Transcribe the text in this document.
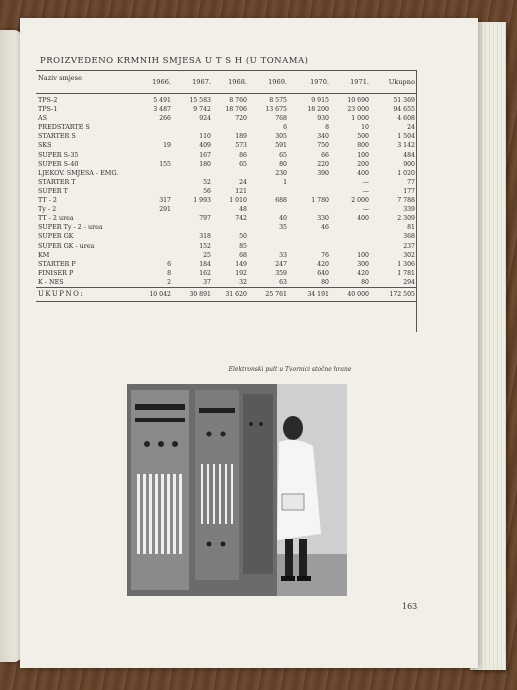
PROIZVEDENO KRMNIH SMJESA U T S H (U TONAMA)
Naziv smjese	1966.	1967.	1968.	1969.	1970.	1971.	Ukupno
TPS-2	5 491	15 583	8 760	8 575	9 915	10 690	51 369
TPS-1	3 487	9 742	18 706	13 675	18 200	23 000	94 655
AS	266	924	720	768	930	1 000	4 608
PREDSTARTE S				6	8	10	24
STARTER S		110	189	305	340	500	1 504
SKS	19	409	573	591	750	800	3 142
SUPER S-35		167	86	65	66	100	484
SUPER S-40	155	180	65	80	220	200	900
LJEKOV. SMJESA - EMG.				230	390	400	1 020
STARTER T		52	24	1		—	77
SUPER T		56	121			—	177
TT - 2	317	1 993	1 010	688	1 780	2 000	7 788
Ty - 2	291		48			—	339
TT - 2 urea		797	742	40	330	400	2 309
SUPER Ty - 2 - urea				35	46		81
SUPER GK		318	50				368
SUPER GK - urea		152	85				237
KM		25	68	33	76	100	302
STARTER P	6	184	149	247	420	300	1 306
FINISER P	8	162	192	359	640	420	1 781
K - NES	2	37	32	63	80	80	294
UKUPNO:	10 042	30 891	31 620	25 761	34 191	40 000	172 505
Elektronski pult u Tvornici stočne hrane
163
